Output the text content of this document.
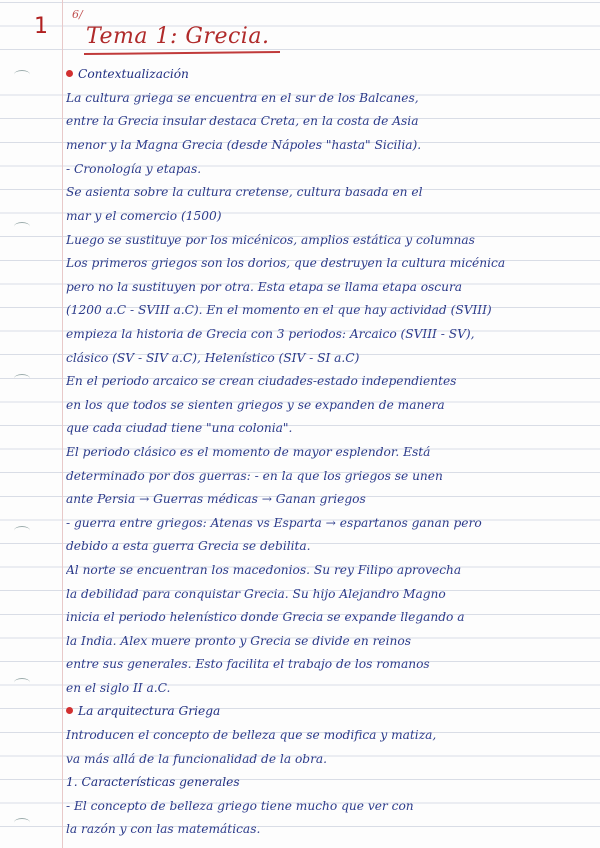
1 6/
Tema 1: Grecia.
Contextualización
La cultura griega se encuentra en el sur de los Balcanes,
entre la Grecia insular destaca Creta, en la costa de Asia
menor y la Magna Grecia (desde Nápoles "hasta" Sicilia).
- Cronología y etapas.
Se asienta sobre la cultura cretense, cultura basada en el
mar y el comercio (1500)
Luego se sustituye por los micénicos, amplios estática y columnas
Los primeros griegos son los dorios, que destruyen la cultura micénica
pero no la sustituyen por otra. Esta etapa se llama etapa oscura
(1200 a.C - SVIII a.C). En el momento en el que hay actividad (SVIII)
empieza la historia de Grecia con 3 periodos: Arcaico (SVIII - SV),
clásico (SV - SIV a.C), Helenístico (SIV - SI a.C)
En el periodo arcaico se crean ciudades-estado independientes
en los que todos se sienten griegos y se expanden de manera
que cada ciudad tiene "una colonia".
El periodo clásico es el momento de mayor esplendor. Está
determinado por dos guerras: - en la que los griegos se unen
ante Persia → Guerras médicas → Ganan griegos
- guerra entre griegos: Atenas vs Esparta → espartanos ganan pero
debido a esta guerra Grecia se debilita.
Al norte se encuentran los macedonios. Su rey Filipo aprovecha
la debilidad para conquistar Grecia. Su hijo Alejandro Magno
inicia el periodo helenístico donde Grecia se expande llegando a
la India. Alex muere pronto y Grecia se divide en reinos
entre sus generales. Esto facilita el trabajo de los romanos
en el siglo II a.C.
La arquitectura Griega
Introducen el concepto de belleza que se modifica y matiza,
va más allá de la funcionalidad de la obra.
1. Características generales
- El concepto de belleza griego tiene mucho que ver con
la razón y con las matemáticas.
